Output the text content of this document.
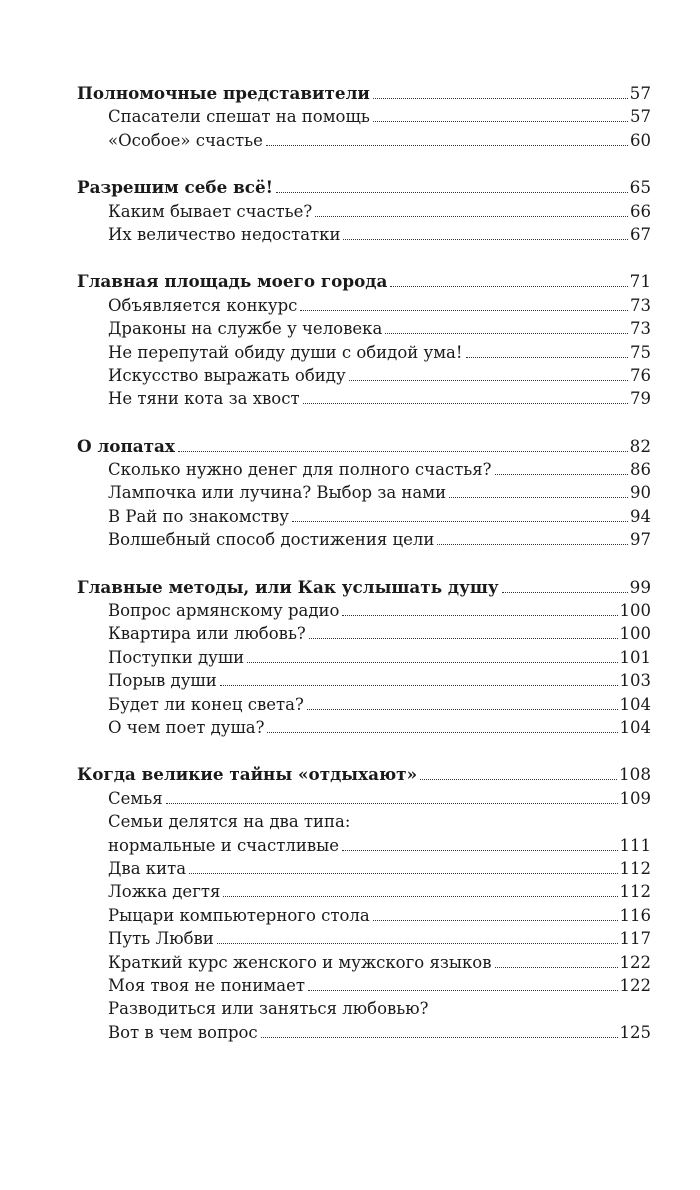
Полномочные представители	57
Спасатели спешат на помощь	57
«Особое» счастье	60
Разрешим себе всё!	65
Каким бывает счастье?	66
Их величество недостатки	67
Главная площадь моего города	71
Объявляется конкурс	73
Драконы на службе у человека	73
Не перепутай обиду души с обидой ума!	75
Искусство выражать обиду	76
Не тяни кота за хвост	79
О лопатах	82
Сколько нужно денег для полного счастья?	86
Лампочка или лучина? Выбор за нами	90
В Рай по знакомству	94
Волшебный способ достижения цели	97
Главные методы, или Как услышать душу	99
Вопрос армянскому радио	100
Квартира или любовь?	100
Поступки души	101
Порыв души	103
Будет ли конец света?	104
О чем поет душа?	104
Когда великие тайны «отдыхают»	108
Семья	109
Семьи делятся на два типа:
нормальные и счастливые	111
Два кита	112
Ложка дегтя	112
Рыцари компьютерного стола	116
Путь Любви	117
Краткий курс женского и мужского языков	122
Моя твоя не понимает	122
Разводиться или заняться любовью?
Вот в чем вопрос	125
